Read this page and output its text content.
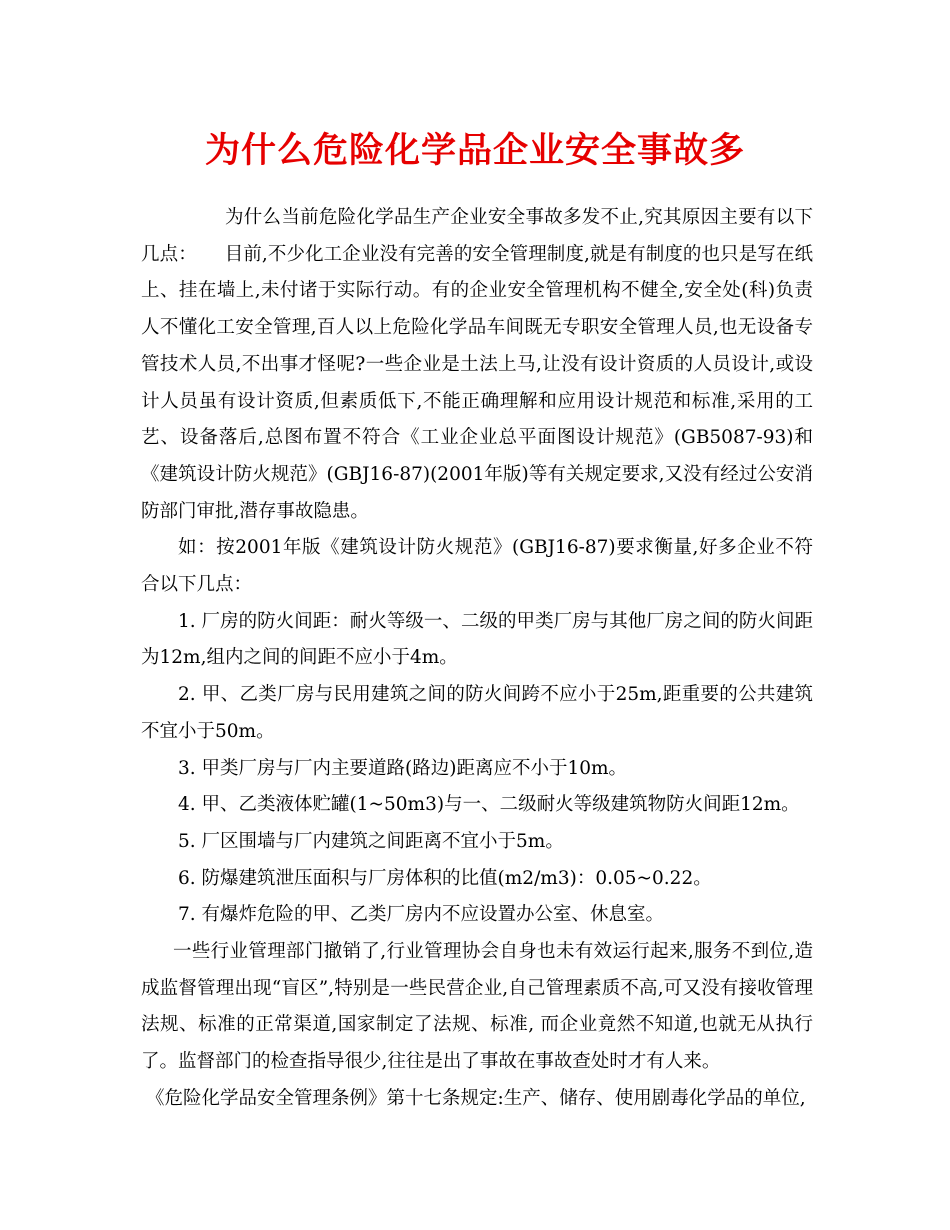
为什么危险化学品企业安全事故多

为什么当前危险化学品生产企业安全事故多发不止,究其原因主要有以下几点：　　目前,不少化工企业没有完善的安全管理制度,就是有制度的也只是写在纸上、挂在墙上,未付诸于实际行动。有的企业安全管理机构不健全,安全处(科)负责人不懂化工安全管理,百人以上危险化学品车间既无专职安全管理人员,也无设备专管技术人员,不出事才怪呢?一些企业是土法上马,让没有设计资质的人员设计,或设计人员虽有设计资质,但素质低下,不能正确理解和应用设计规范和标准,采用的工艺、设备落后,总图布置不符合《工业企业总平面图设计规范》(GB5087-93)和《建筑设计防火规范》(GBJ16-87)(2001年版)等有关规定要求,又没有经过公安消防部门审批,潜存事故隐患。

如：按2001年版《建筑设计防火规范》(GBJ16-87)要求衡量,好多企业不符合以下几点：

1. 厂房的防火间距：耐火等级一、二级的甲类厂房与其他厂房之间的防火间距为12m,组内之间的间距不应小于4m。

2. 甲、乙类厂房与民用建筑之间的防火间跨不应小于25m,距重要的公共建筑不宜小于50m。

3. 甲类厂房与厂内主要道路(路边)距离应不小于10m。

4. 甲、乙类液体贮罐(1~50m3)与一、二级耐火等级建筑物防火间距12m。

5. 厂区围墙与厂内建筑之间距离不宜小于5m。

6. 防爆建筑泄压面积与厂房体积的比值(m2/m3)：0.05~0.22。

7. 有爆炸危险的甲、乙类厂房内不应设置办公室、休息室。

一些行业管理部门撤销了,行业管理协会自身也未有效运行起来,服务不到位,造成监督管理出现“盲区”,特别是一些民营企业,自己管理素质不高,可又没有接收管理法规、标准的正常渠道,国家制定了法规、标准, 而企业竟然不知道,也就无从执行了。监督部门的检查指导很少,往往是出了事故在事故查处时才有人来。

《危险化学品安全管理条例》第十七条规定:生产、储存、使用剧毒化学品的单位,
